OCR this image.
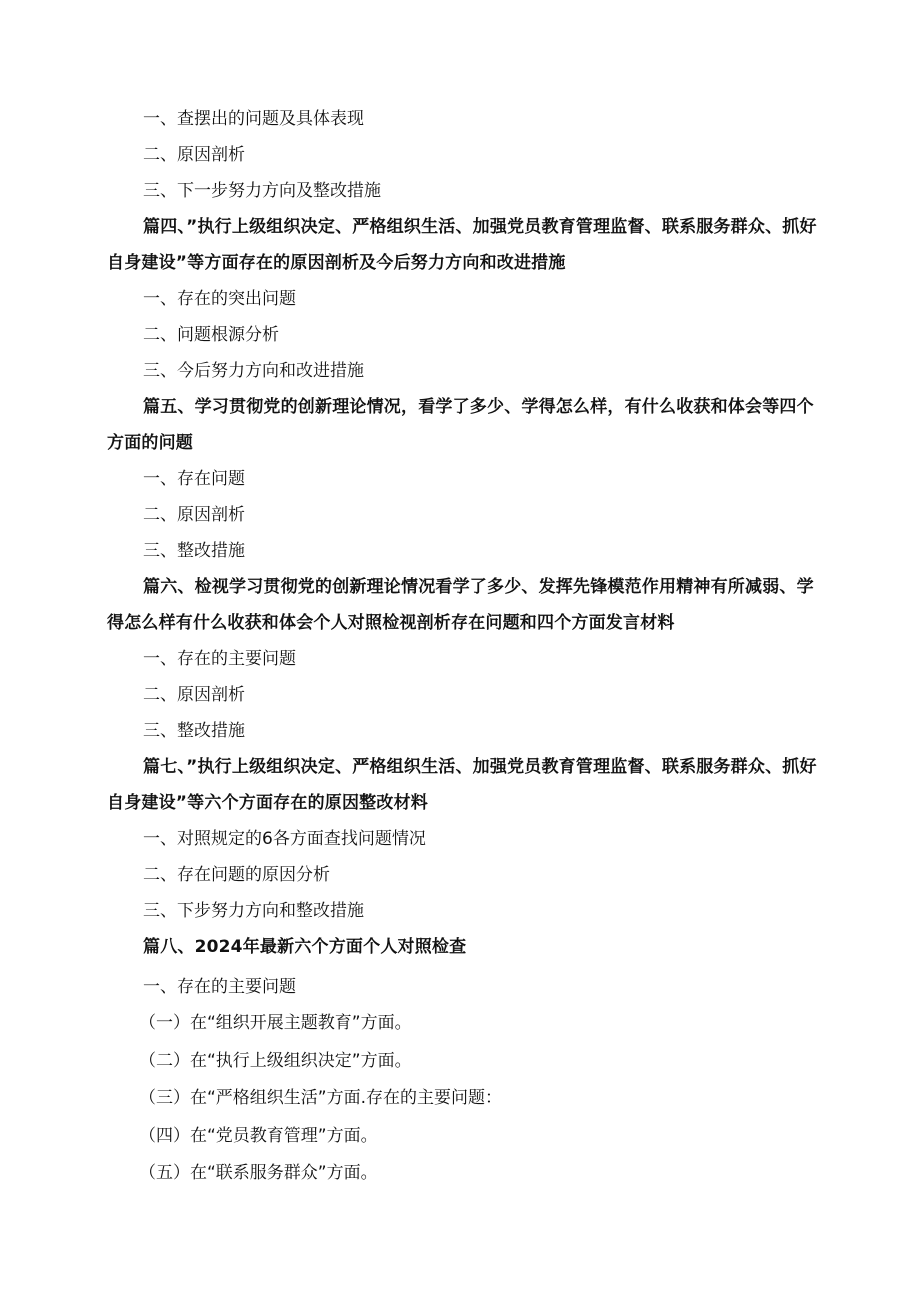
一、查摆出的问题及具体表现

二、原因剖析

三、下一步努力方向及整改措施

篇四、”执行上级组织决定、严格组织生活、加强党员教育管理监督、联系服务群众、抓好自身建设”等方面存在的原因剖析及今后努力方向和改进措施

一、存在的突出问题

二、问题根源分析

三、今后努力方向和改进措施

篇五、学习贯彻党的创新理论情况，看学了多少、学得怎么样，有什么收获和体会等四个方面的问题

一、存在问题

二、原因剖析

三、整改措施

篇六、检视学习贯彻党的创新理论情况看学了多少、发挥先锋模范作用精神有所减弱、学得怎么样有什么收获和体会个人对照检视剖析存在问题和四个方面发言材料

一、存在的主要问题

二、原因剖析

三、整改措施

篇七、”执行上级组织决定、严格组织生活、加强党员教育管理监督、联系服务群众、抓好自身建设”等六个方面存在的原因整改材料

一、对照规定的6各方面查找问题情况

二、存在问题的原因分析

三、下步努力方向和整改措施

篇八、2024年最新六个方面个人对照检查

一、存在的主要问题

（一）在“组织开展主题教育”方面。

（二）在“执行上级组织决定”方面。

（三）在“严格组织生活”方面.存在的主要问题：

（四）在“党员教育管理”方面。

（五）在“联系服务群众”方面。
